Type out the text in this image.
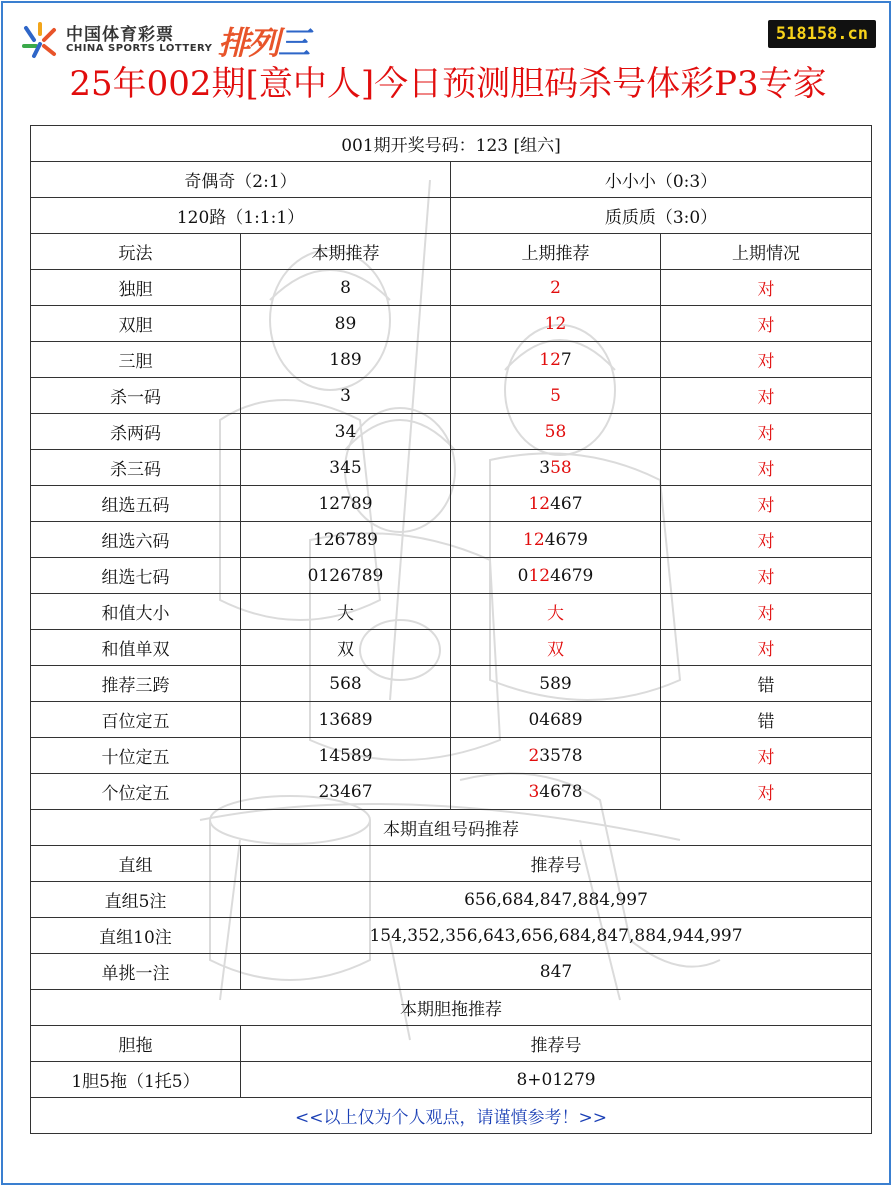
中国体育彩票
CHINA SPORTS LOTTERY 排列三	518158.cn
25年002期[意中人]今日预测胆码杀号体彩P3专家
001期开奖号码：123 [组六]			
奇偶奇（2:1）		小小小（0:3）	
120路（1:1:1）		质质质（3:0）	
玩法	本期推荐	上期推荐	上期情况
独胆	8	2	对
双胆	89	12	对
三胆	189	127	对
杀一码	3	5	对
杀两码	34	58	对
杀三码	345	358	对
组选五码	12789	12467	对
组选六码	126789	124679	对
组选七码	0126789	0124679	对
和值大小	大	大	对
和值单双	双	双	对
推荐三跨	568	589	错
百位定五	13689	04689	错
十位定五	14589	23578	对
个位定五	23467	34678	对
本期直组号码推荐			
直组	推荐号		
直组5注	656,684,847,884,997		
直组10注	154,352,356,643,656,684,847,884,944,997		
单挑一注	847		
本期胆拖推荐			
胆拖	推荐号		
1胆5拖（1托5）	8+01279		
<<以上仅为个人观点，请谨慎参考！>>			
